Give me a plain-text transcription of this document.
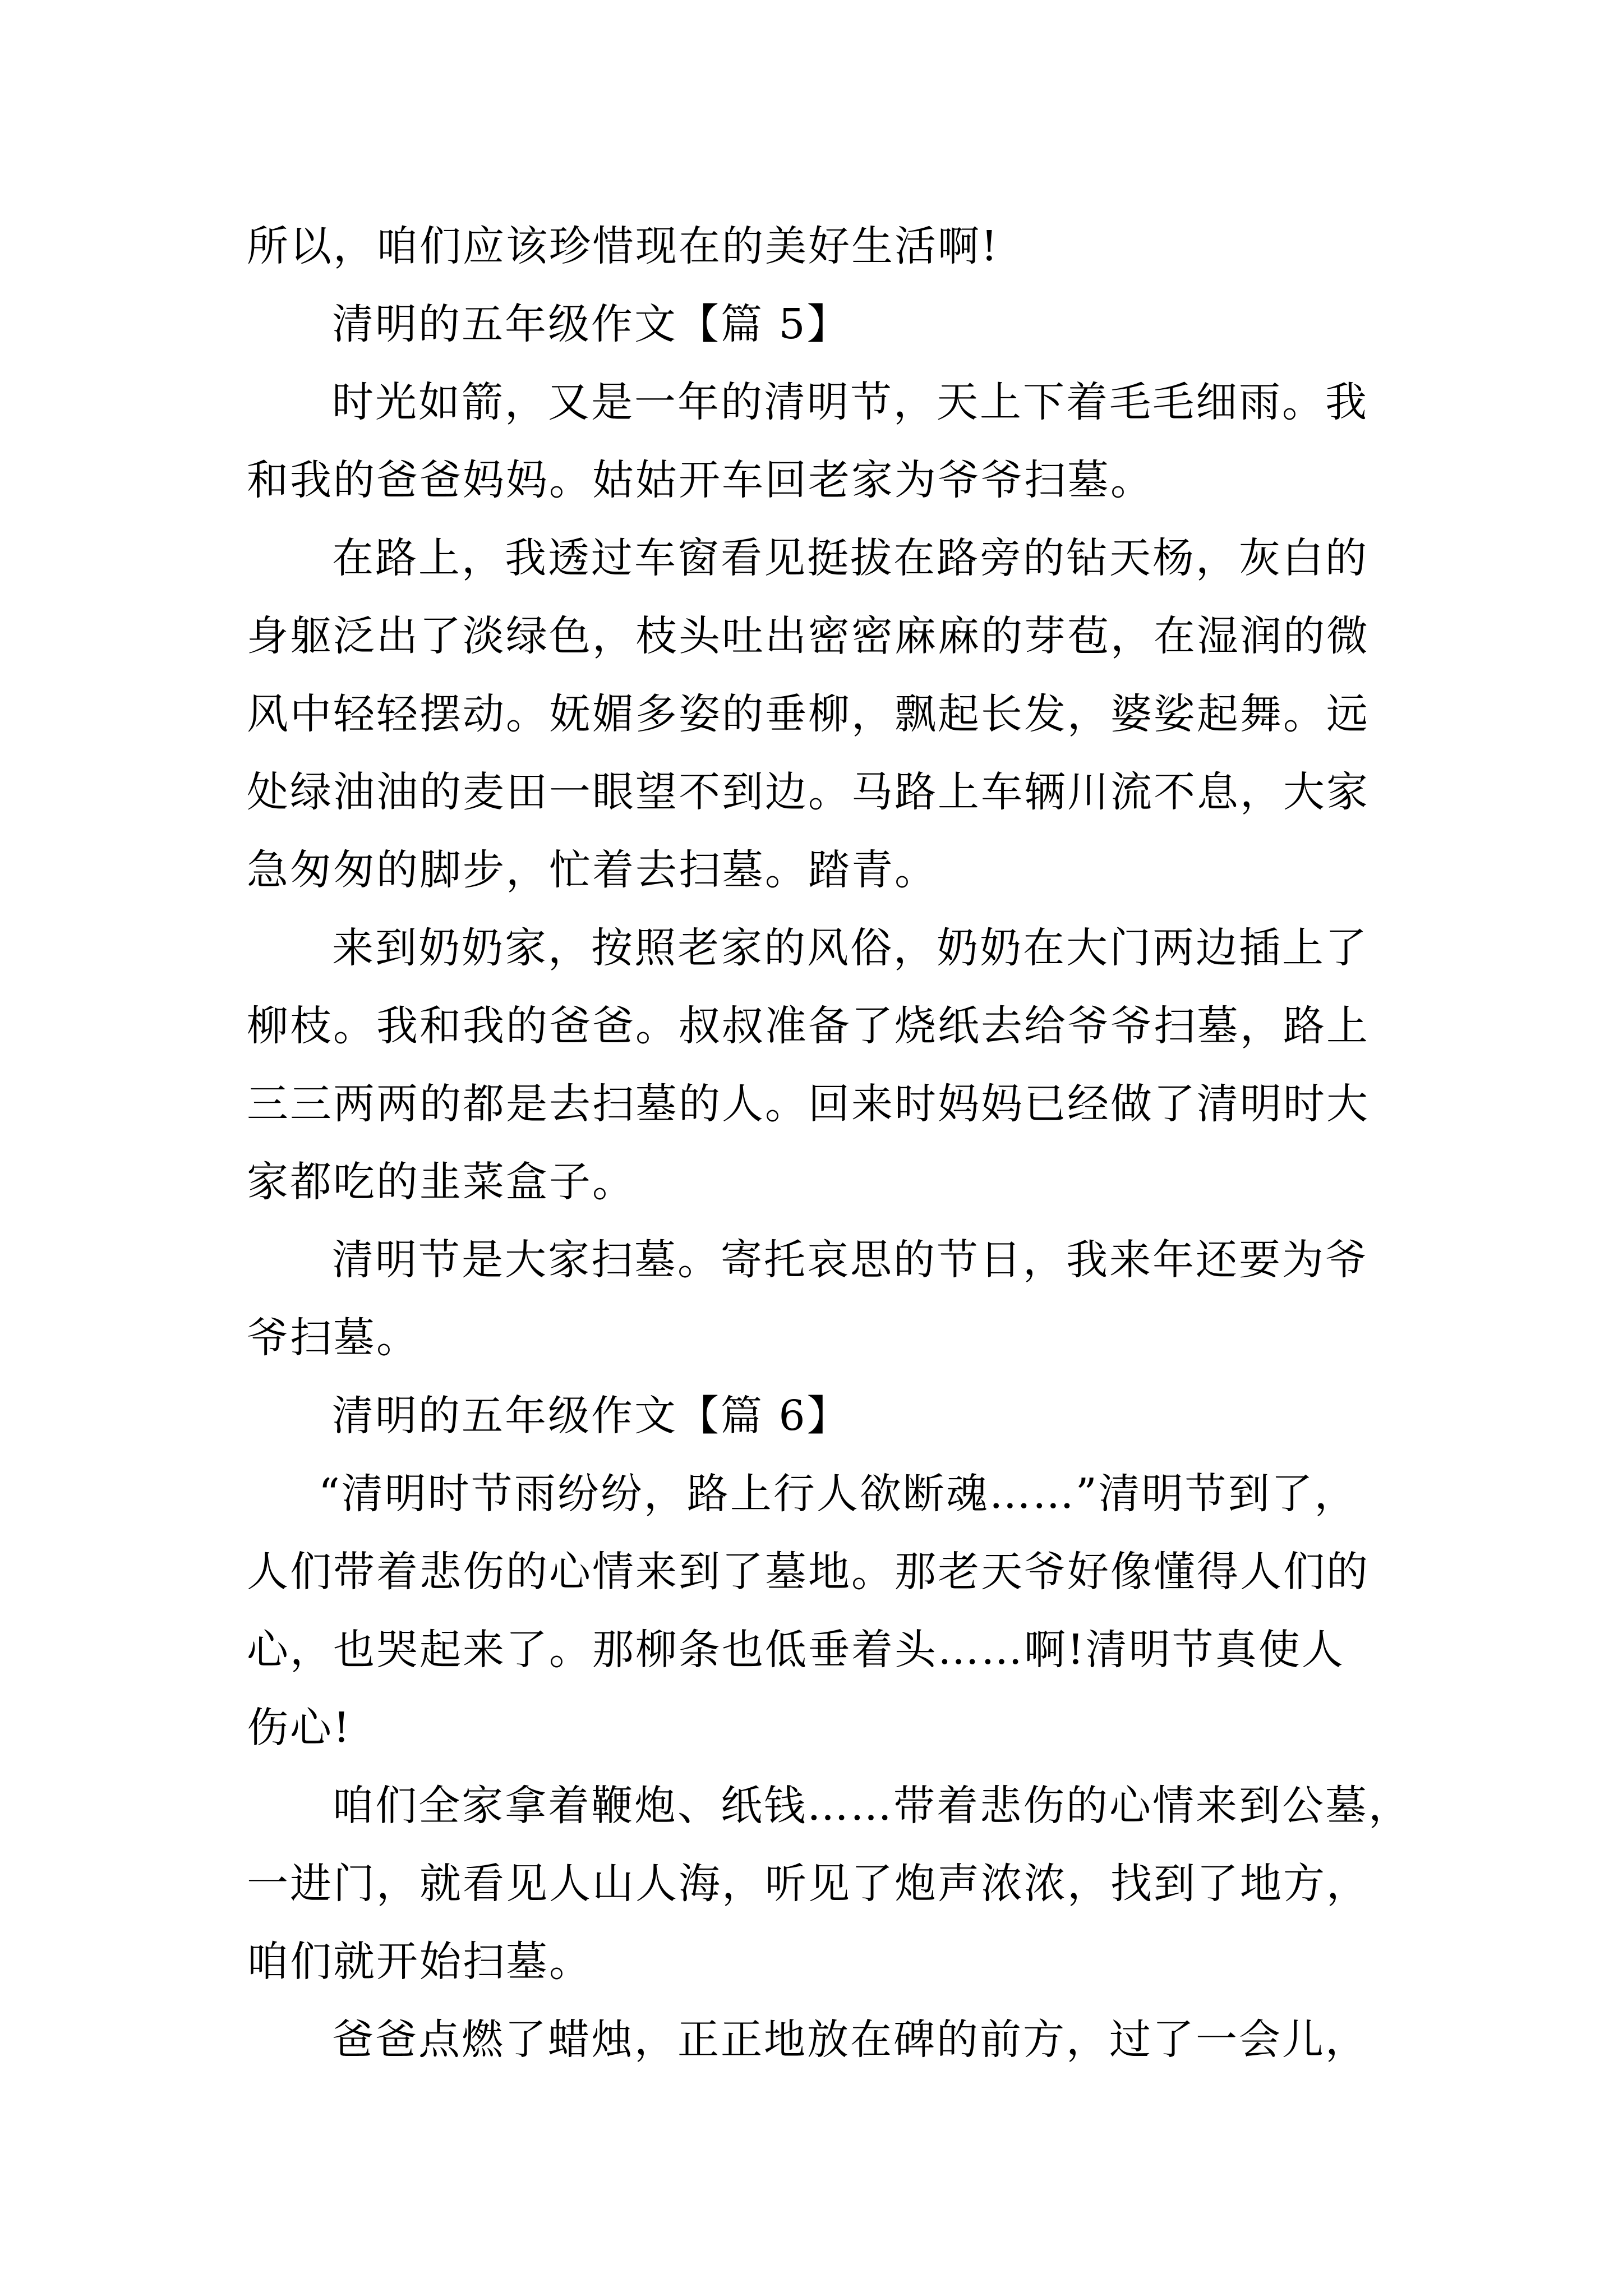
所以，咱们应该珍惜现在的美好生活啊!
清明的五年级作文【篇 5】
时光如箭，又是一年的清明节，天上下着毛毛细雨。我
和我的爸爸妈妈。姑姑开车回老家为爷爷扫墓。
在路上，我透过车窗看见挺拔在路旁的钻天杨，灰白的
身躯泛出了淡绿色，枝头吐出密密麻麻的芽苞，在湿润的微
风中轻轻摆动。妩媚多姿的垂柳，飘起长发，婆娑起舞。远
处绿油油的麦田一眼望不到边。马路上车辆川流不息，大家
急匆匆的脚步，忙着去扫墓。踏青。
来到奶奶家，按照老家的风俗，奶奶在大门两边插上了
柳枝。我和我的爸爸。叔叔准备了烧纸去给爷爷扫墓，路上
三三两两的都是去扫墓的人。回来时妈妈已经做了清明时大
家都吃的韭菜盒子。
清明节是大家扫墓。寄托哀思的节日，我来年还要为爷
爷扫墓。
清明的五年级作文【篇 6】
“清明时节雨纷纷，路上行人欲断魂……”清明节到了，
人们带着悲伤的心情来到了墓地。那老天爷好像懂得人们的
心，也哭起来了。那柳条也低垂着头……啊!清明节真使人
伤心!
咱们全家拿着鞭炮、纸钱……带着悲伤的心情来到公墓，
一进门，就看见人山人海，听见了炮声浓浓，找到了地方，
咱们就开始扫墓。
爸爸点燃了蜡烛，正正地放在碑的前方，过了一会儿，
